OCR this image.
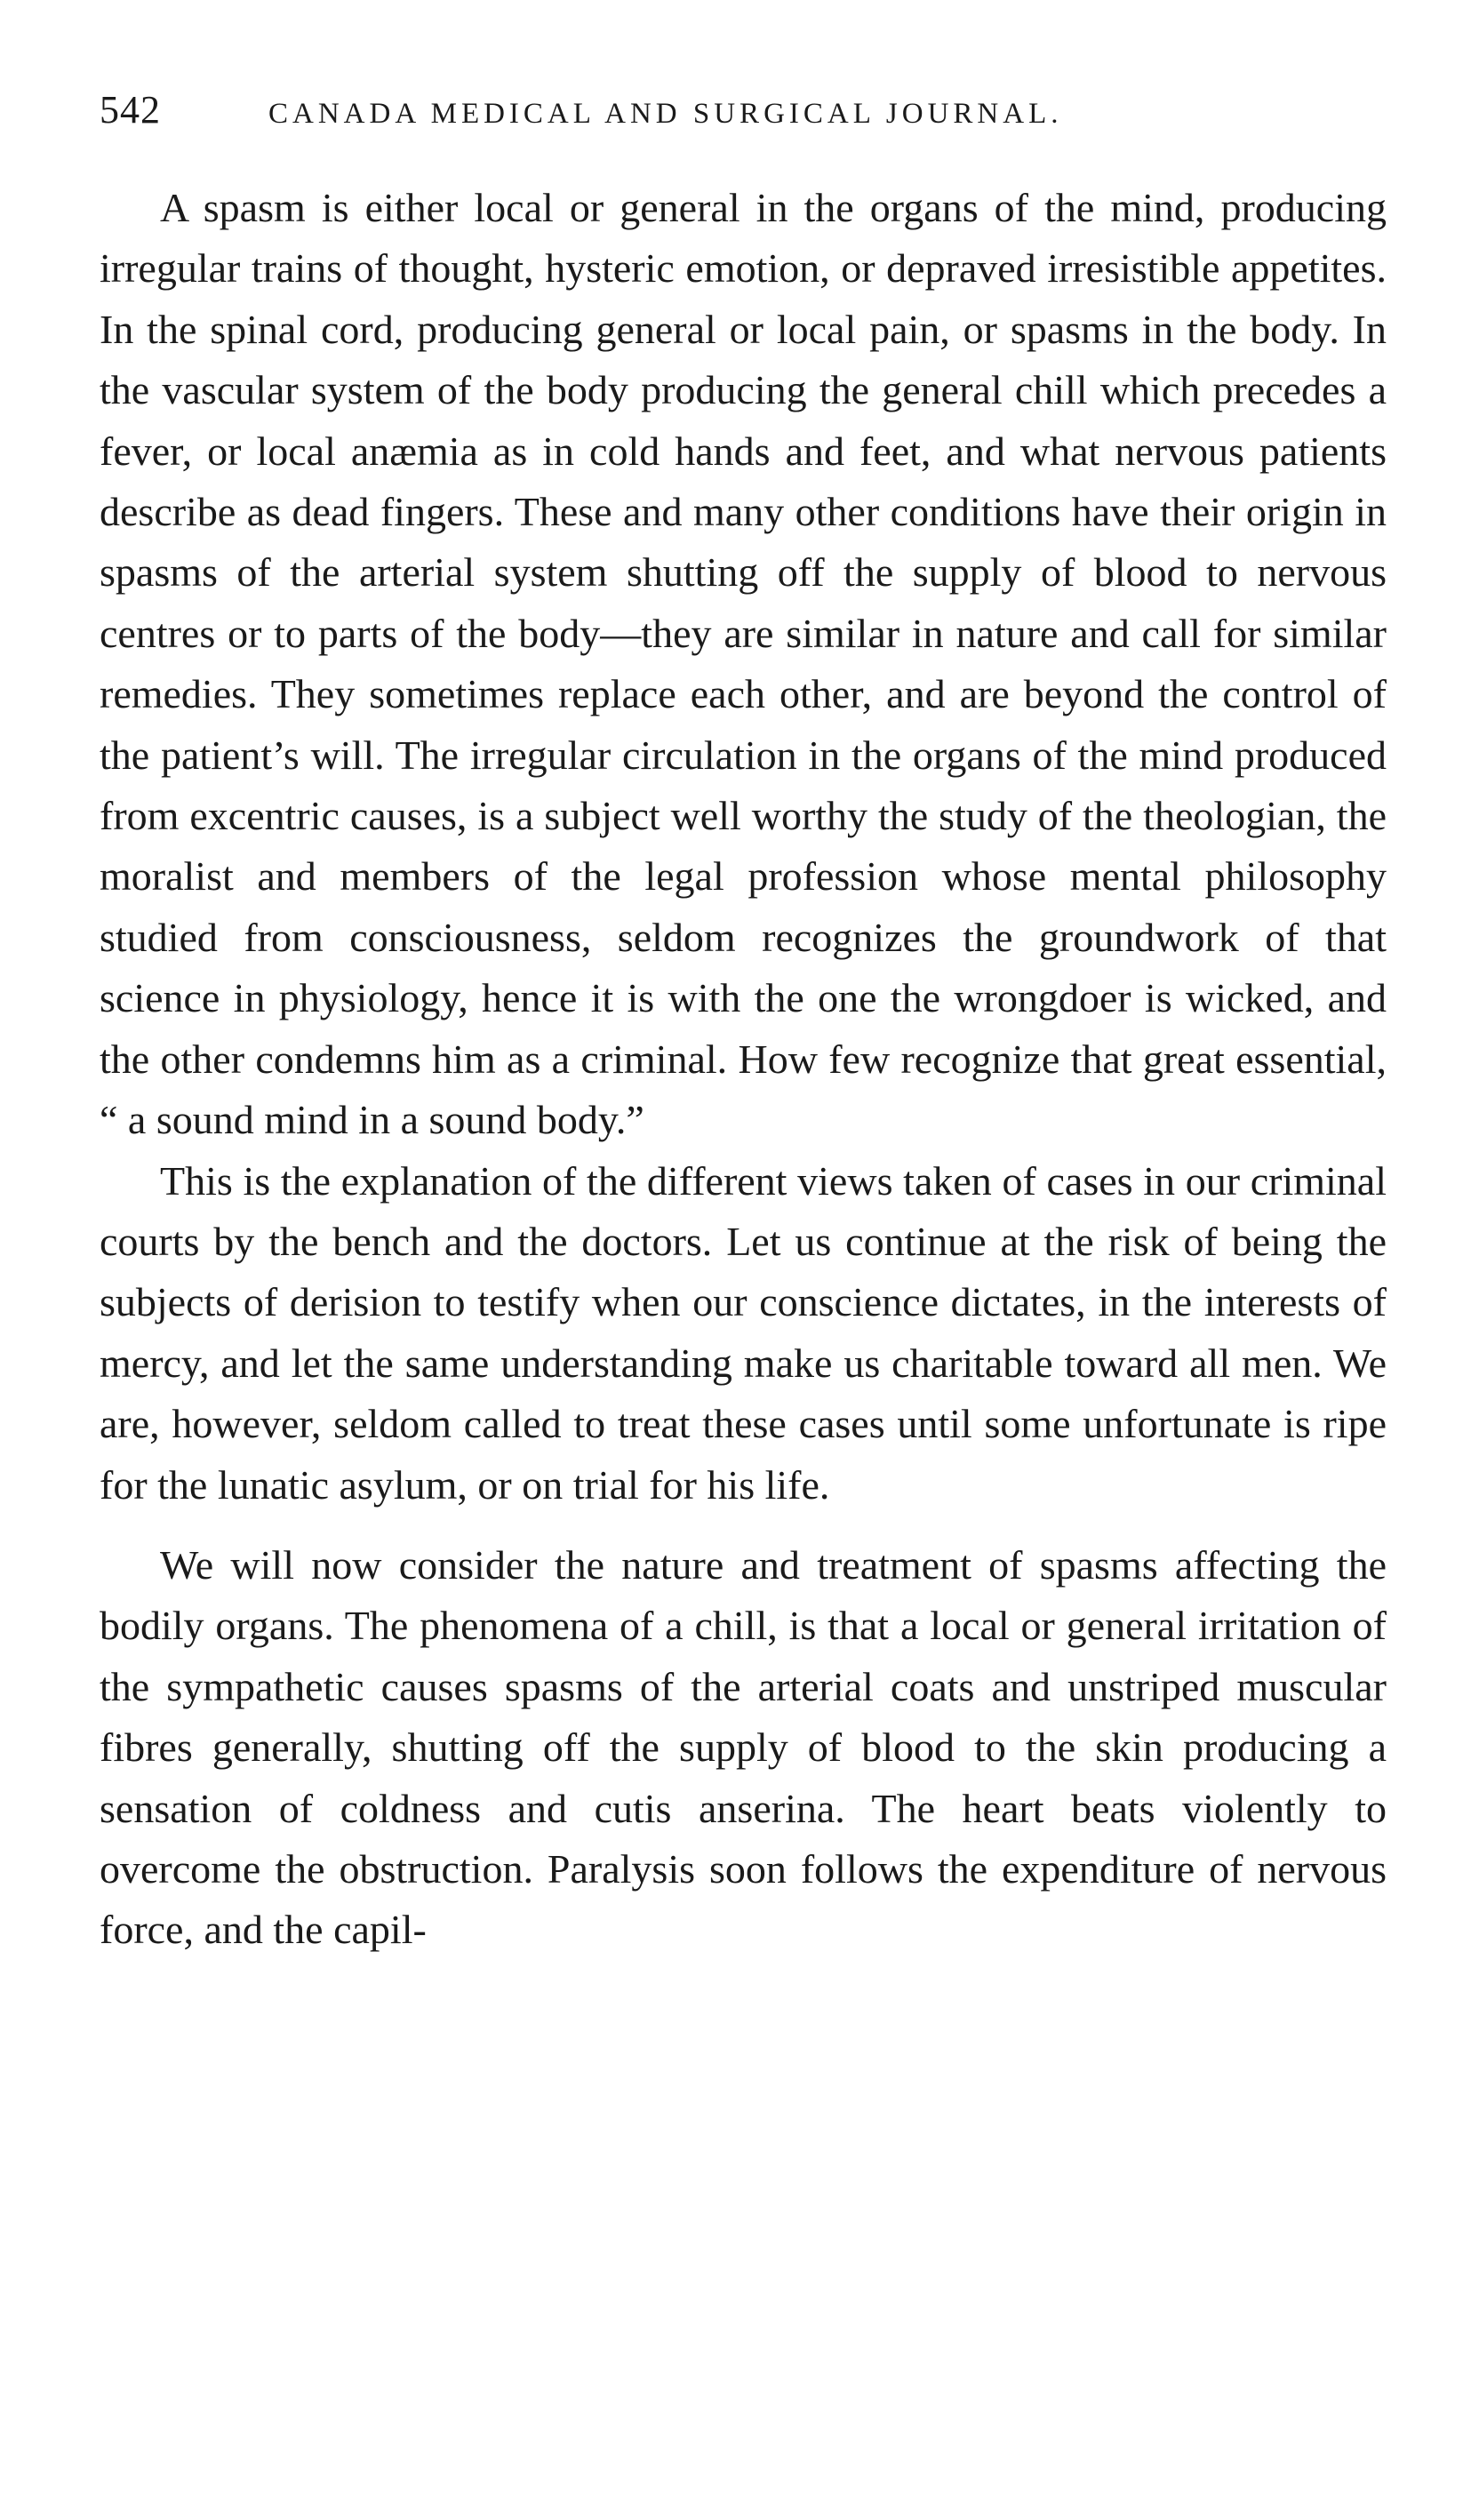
542	CANADA MEDICAL AND SURGICAL JOURNAL.

A spasm is either local or general in the organs of the mind, producing irregular trains of thought, hysteric emotion, or depraved irresistible appetites. In the spinal cord, producing general or local pain, or spasms in the body. In the vascular system of the body producing the general chill which precedes a fever, or local anæmia as in cold hands and feet, and what nervous patients describe as dead fingers. These and many other conditions have their origin in spasms of the arterial system shutting off the supply of blood to nervous centres or to parts of the body—they are similar in nature and call for similar remedies. They sometimes replace each other, and are beyond the control of the patient’s will. The irregular circulation in the organs of the mind produced from excentric causes, is a subject well worthy the study of the theologian, the moralist and members of the legal profession whose mental philosophy studied from consciousness, seldom recognizes the groundwork of that science in physiology, hence it is with the one the wrongdoer is wicked, and the other condemns him as a criminal. How few recognize that great essential, “ a sound mind in a sound body.”

This is the explanation of the different views taken of cases in our criminal courts by the bench and the doctors. Let us continue at the risk of being the subjects of derision to testify when our conscience dictates, in the interests of mercy, and let the same understanding make us charitable toward all men. We are, however, seldom called to treat these cases until some unfortunate is ripe for the lunatic asylum, or on trial for his life.

We will now consider the nature and treatment of spasms affecting the bodily organs. The phenomena of a chill, is that a local or general irritation of the sympathetic causes spasms of the arterial coats and unstriped muscular fibres generally, shutting off the supply of blood to the skin producing a sensation of coldness and cutis anserina. The heart beats violently to overcome the obstruction. Paralysis soon follows the expenditure of nervous force, and the capil-
